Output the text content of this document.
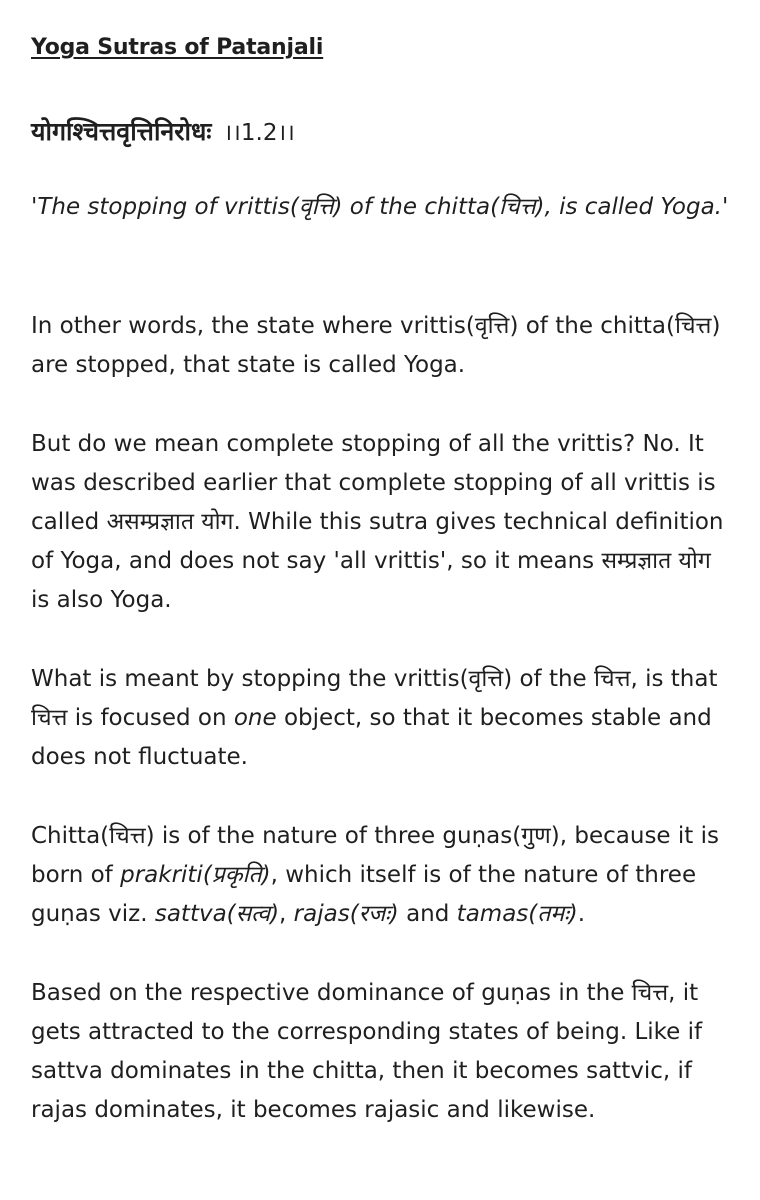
Yoga Sutras of Patanjali
योगश्चित्तवृत्तिनिरोधः ।।1.2।।

'The stopping of vrittis(वृत्ति) of the chitta(चित्त), is called Yoga.'

In other words, the state where vrittis(वृत्ति) of the chitta(चित्त) are stopped, that state is called Yoga.

But do we mean complete stopping of all the vrittis? No. It was described earlier that complete stopping of all vrittis is called असम्प्रज्ञात योग. While this sutra gives technical definition of Yoga, and does not say 'all vrittis', so it means सम्प्रज्ञात योग is also Yoga.

What is meant by stopping the vrittis(वृत्ति) of the चित्त, is that चित्त is focused on one object, so that it becomes stable and does not fluctuate.

Chitta(चित्त) is of the nature of three guṇas(गुण), because it is born of prakriti(प्रकृति), which itself is of the nature of three guṇas viz. sattva(सत्व), rajas(रजः) and tamas(तमः).

Based on the respective dominance of guṇas in the चित्त, it gets attracted to the corresponding states of being. Like if sattva dominates in the chitta, then it becomes sattvic, if rajas dominates, it becomes rajasic and likewise.
